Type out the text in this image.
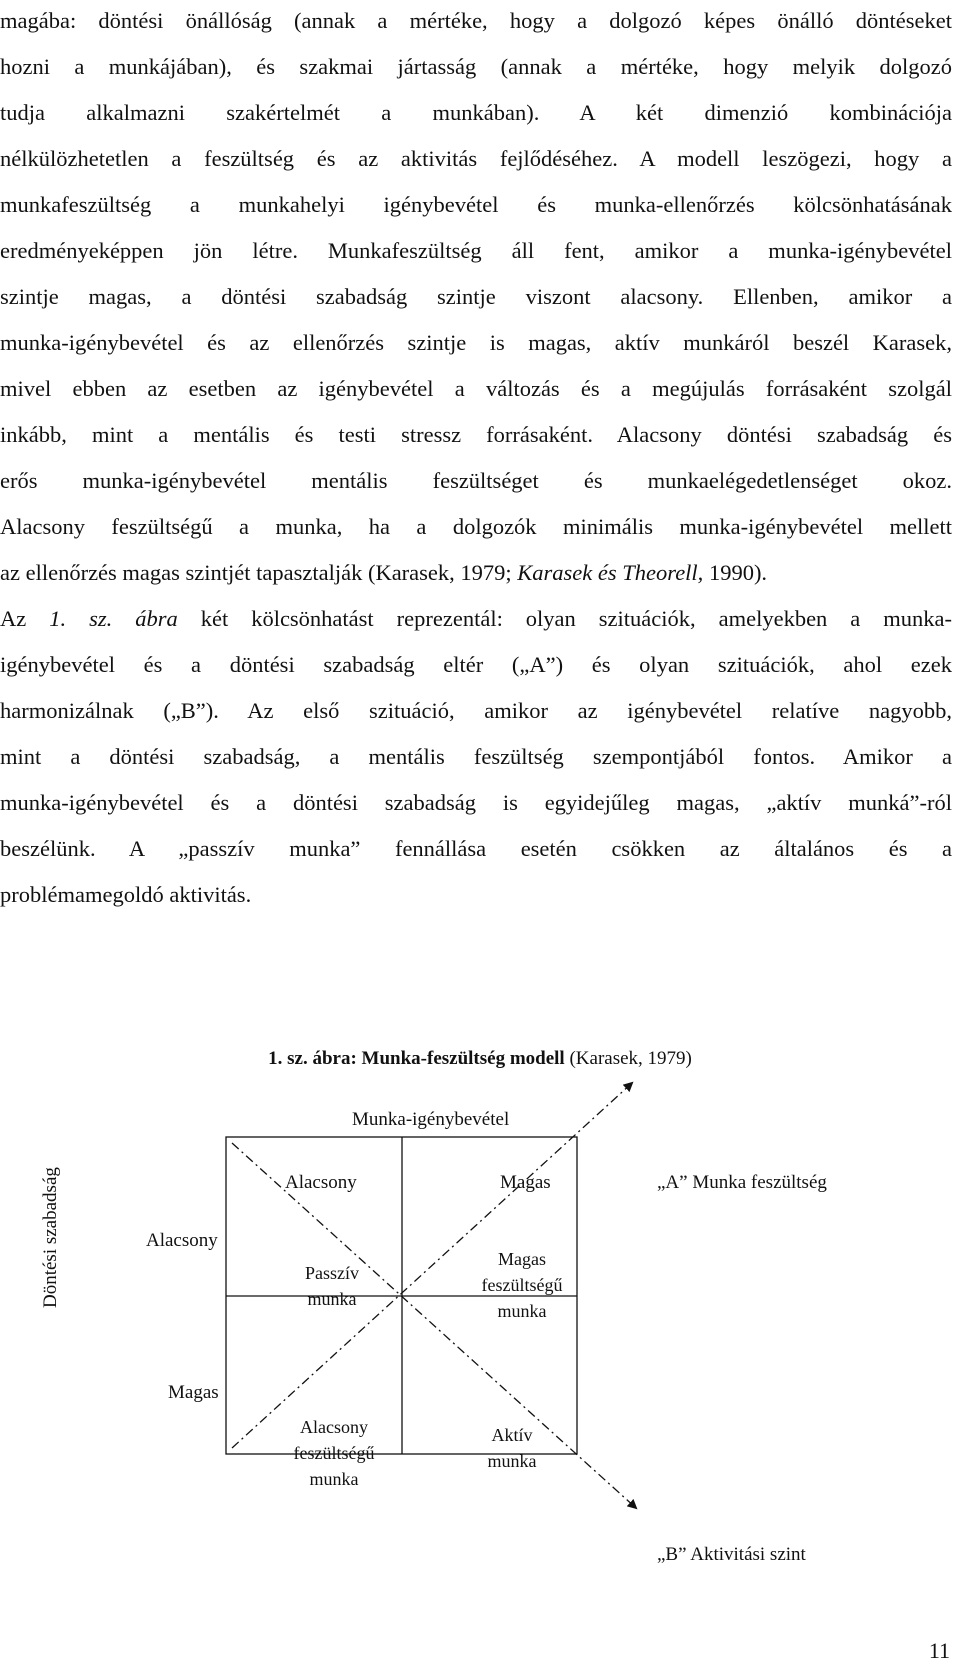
magába: döntési önállóság (annak a mértéke, hogy a dolgozó képes önálló döntéseket
hozni a munkájában), és szakmai jártasság (annak a mértéke, hogy melyik dolgozó
tudja alkalmazni szakértelmét a munkában). A két dimenzió kombinációja
nélkülözhetetlen a feszültség és az aktivitás fejlődéséhez. A modell leszögezi, hogy a
munkafeszültség a munkahelyi igénybevétel és munka-ellenőrzés kölcsönhatásának
eredményeképpen jön létre. Munkafeszültség áll fent, amikor a munka-igénybevétel
szintje magas, a döntési szabadság szintje viszont alacsony. Ellenben, amikor a
munka-igénybevétel és az ellenőrzés szintje is magas, aktív munkáról beszél Karasek,
mivel ebben az esetben az igénybevétel a változás és a megújulás forrásaként szolgál
inkább, mint a mentális és testi stressz forrásaként. Alacsony döntési szabadság és
erős munka-igénybevétel mentális feszültséget és munkaelégedetlenséget okoz.
Alacsony feszültségű a munka, ha a dolgozók minimális munka-igénybevétel mellett
az ellenőrzés magas szintjét tapasztalják (Karasek, 1979; Karasek és Theorell, 1990).
Az 1. sz. ábra két kölcsönhatást reprezentál: olyan szituációk, amelyekben a munka-
igénybevétel és a döntési szabadság eltér („A”) és olyan szituációk, ahol ezek
harmonizálnak („B”). Az első szituáció, amikor az igénybevétel relatíve nagyobb,
mint a döntési szabadság, a mentális feszültség szempontjából fontos. Amikor a
munka-igénybevétel és a döntési szabadság is egyidejűleg magas, „aktív munká”-ról
beszélünk. A „passzív munka” fennállása esetén csökken az általános és a
problémamegoldó aktivitás.
1. sz. ábra: Munka-feszültség modell (Karasek, 1979)
Munka-igénybevétel
Alacsony	Magas	„A” Munka feszültség
„B” Aktivitási szint
Döntési szabadság	Alacsony
Magas
Passzív
munka
Magas
feszültségű
munka
Alacsony
feszültségű
munka
Aktív
munka
11
